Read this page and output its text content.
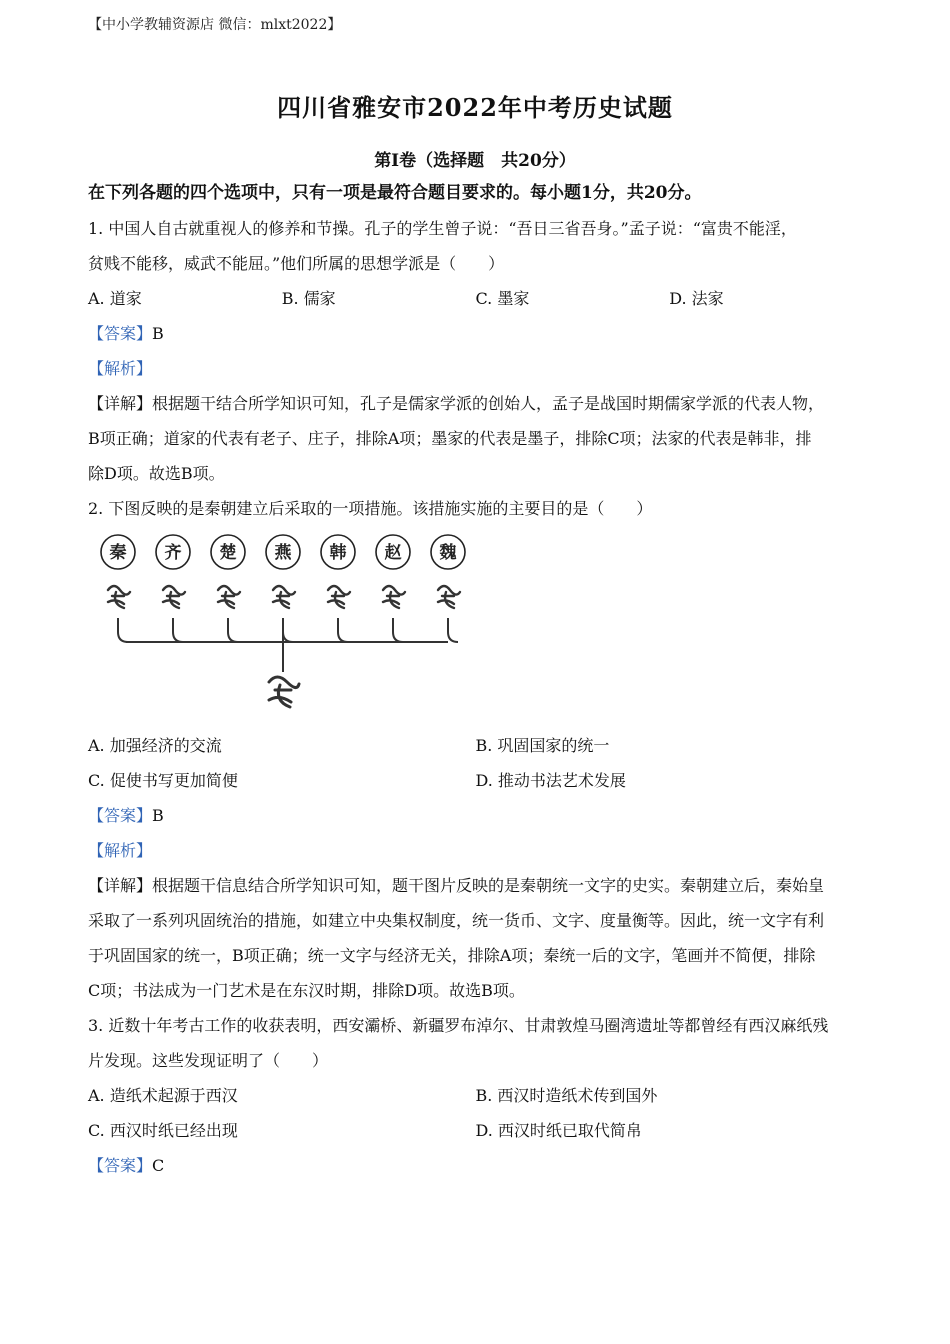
【中小学教辅资源店 微信：mlxt2022】
四川省雅安市2022年中考历史试题
第Ⅰ卷（选择题　共20分）
在下列各题的四个选项中，只有一项是最符合题目要求的。每小题1分，共20分。
1. 中国人自古就重视人的修养和节操。孔子的学生曾子说：“吾日三省吾身。”孟子说：“富贵不能淫，
贫贱不能移，威武不能屈。”他们所属的思想学派是（　　）
A. 道家	B. 儒家	C. 墨家	D. 法家
【答案】B
【解析】
【详解】根据题干结合所学知识可知，孔子是儒家学派的创始人，孟子是战国时期儒家学派的代表人物，
B项正确；道家的代表有老子、庄子，排除A项；墨家的代表是墨子，排除C项；法家的代表是韩非，排
除D项。故选B项。
2. 下图反映的是秦朝建立后采取的一项措施。该措施实施的主要目的是（　　）
秦 齐 楚 燕 韩 赵 魏
A. 加强经济的交流	B. 巩固国家的统一
C. 促使书写更加简便	D. 推动书法艺术发展
【答案】B
【解析】
【详解】根据题干信息结合所学知识可知，题干图片反映的是秦朝统一文字的史实。秦朝建立后，秦始皇
采取了一系列巩固统治的措施，如建立中央集权制度，统一货币、文字、度量衡等。因此，统一文字有利
于巩固国家的统一，B项正确；统一文字与经济无关，排除A项；秦统一后的文字，笔画并不简便，排除
C项；书法成为一门艺术是在东汉时期，排除D项。故选B项。
3. 近数十年考古工作的收获表明，西安灞桥、新疆罗布淖尔、甘肃敦煌马圈湾遗址等都曾经有西汉麻纸残
片发现。这些发现证明了（　　）
A. 造纸术起源于西汉	B. 西汉时造纸术传到国外
C. 西汉时纸已经出现	D. 西汉时纸已取代简帛
【答案】C
